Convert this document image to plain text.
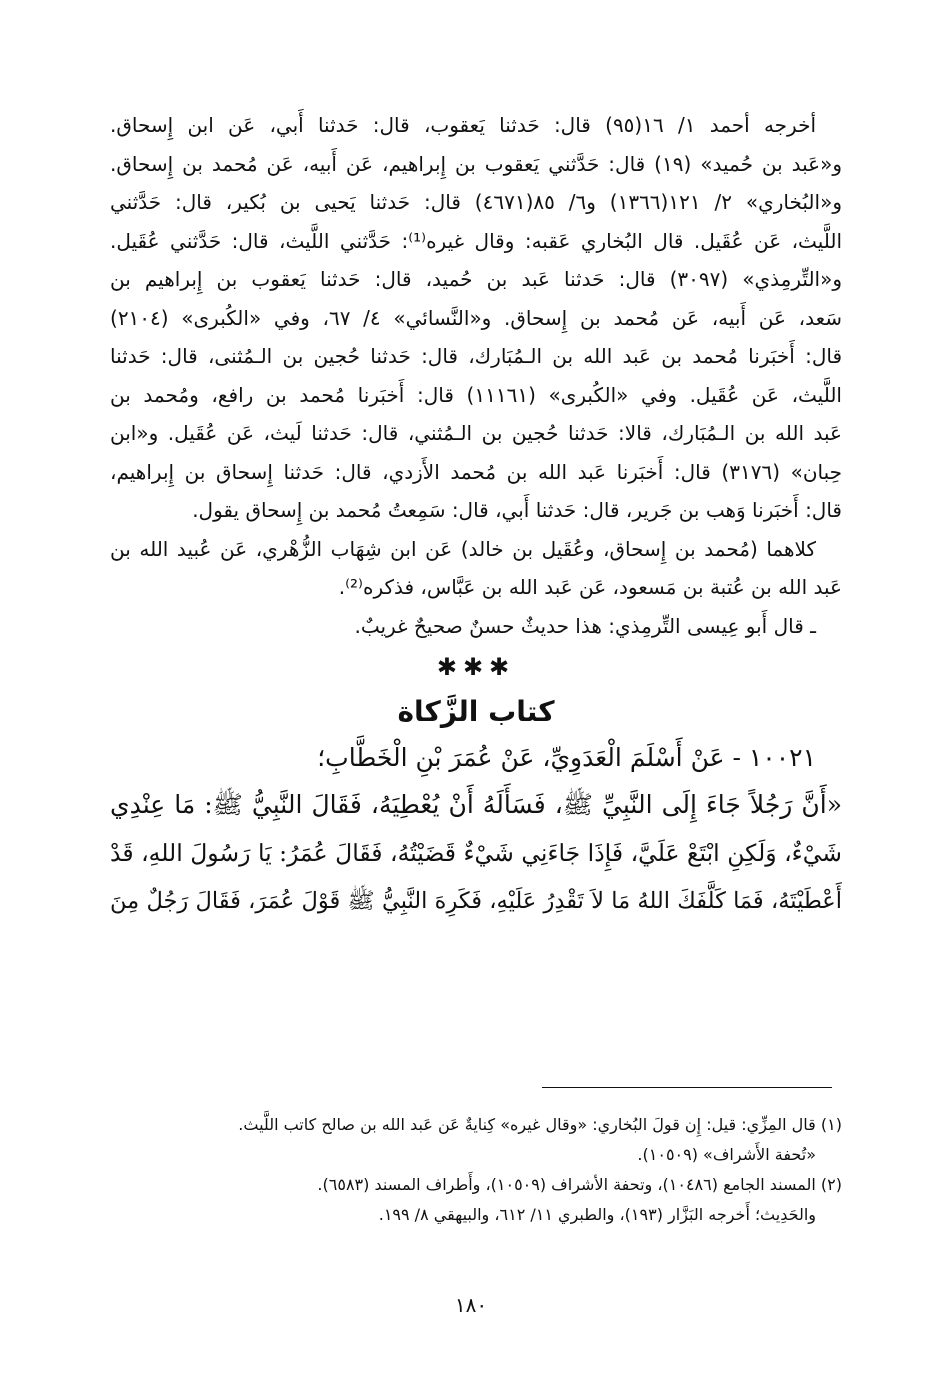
أخرجه أحمد ١/ ١٦(٩٥) قال: حَدثنا يَعقوب، قال: حَدثنا أَبي، عَن ابن إِسحاق.
و«عَبد بن حُميد» (١٩) قال: حَدَّثني يَعقوب بن إِبراهيم، عَن أَبيه، عَن مُحمد بن إِسحاق.
و«البُخاري» ٢/ ١٢١(١٣٦٦) و٦/ ٨٥(٤٦٧١) قال: حَدثنا يَحيى بن بُكير، قال: حَدَّثني
اللَّيث، عَن عُقَيل. قال البُخاري عَقبه: وقال غيره⁽¹⁾: حَدَّثني اللَّيث، قال: حَدَّثني عُقَيل.
و«التِّرمِذي» (٣٠٩٧) قال: حَدثنا عَبد بن حُميد، قال: حَدثنا يَعقوب بن إِبراهيم بن
سَعد، عَن أَبيه، عَن مُحمد بن إِسحاق. و«النَّسائي» ٤/ ٦٧، وفي «الكُبرى» (٢١٠٤)
قال: أَخبَرنا مُحمد بن عَبد الله بن الـمُبَارك، قال: حَدثنا حُجين بن الـمُثنى، قال: حَدثنا
اللَّيث، عَن عُقَيل. وفي «الكُبرى» (١١١٦١) قال: أَخبَرنا مُحمد بن رافع، ومُحمد بن
عَبد الله بن الـمُبَارك، قالا: حَدثنا حُجين بن الـمُثني، قال: حَدثنا لَيث، عَن عُقَيل. و«ابن
حِبان» (٣١٧٦) قال: أَخبَرنا عَبد الله بن مُحمد الأَزدي، قال: حَدثنا إِسحاق بن إِبراهيم،
قال: أَخبَرنا وَهب بن جَرير، قال: حَدثنا أَبي، قال: سَمِعتُ مُحمد بن إِسحاق يقول.
كلاهما (مُحمد بن إِسحاق، وعُقَيل بن خالد) عَن ابن شِهَاب الزُّهْري، عَن عُبيد الله بن
عَبد الله بن عُتبة بن مَسعود، عَن عَبد الله بن عَبَّاس، فذكره⁽²⁾.
ـ قال أَبو عِيسى التِّرمِذي: هذا حديثٌ حسنٌ صحيحٌ غريبٌ.
✱✱✱
كتاب الزَّكاة
١٠٠٢١ - عَنْ أَسْلَمَ الْعَدَوِيِّ، عَنْ عُمَرَ بْنِ الْخَطَّابِ؛
«أَنَّ رَجُلاً جَاءَ إِلَى النَّبِيِّ ﷺ، فَسَأَلَهُ أَنْ يُعْطِيَهُ، فَقَالَ النَّبِيُّ ﷺ: مَا عِنْدِي
شَيْءٌ، وَلَكِنِ ابْتَعْ عَلَيَّ، فَإِذَا جَاءَنِي شَيْءٌ قَضَيْتُهُ، فَقَالَ عُمَرُ: يَا رَسُولَ اللهِ، قَدْ
أَعْطَيْتَهُ، فَمَا كَلَّفَكَ اللهُ مَا لاَ تَقْدِرُ عَلَيْهِ، فَكَرِهَ النَّبِيُّ ﷺ قَوْلَ عُمَرَ، فَقَالَ رَجُلٌ مِنَ
(١) قال المِزِّي: قيل: إِن قولَ البُخاري: «وقال غيره» كِنايةٌ عَن عَبد الله بن صالح كاتب اللَّيث.
«تُحفة الأَشراف» (١٠٥٠٩).
(٢) المسند الجامع (١٠٤٨٦)، وتحفة الأشراف (١٠٥٠٩)، وأَطراف المسند (٦٥٨٣).
والحَدِيث؛ أَخرجه البَزَّار (١٩٣)، والطبري ١١/ ٦١٢، والبيهقي ٨/ ١٩٩.
١٨٠
